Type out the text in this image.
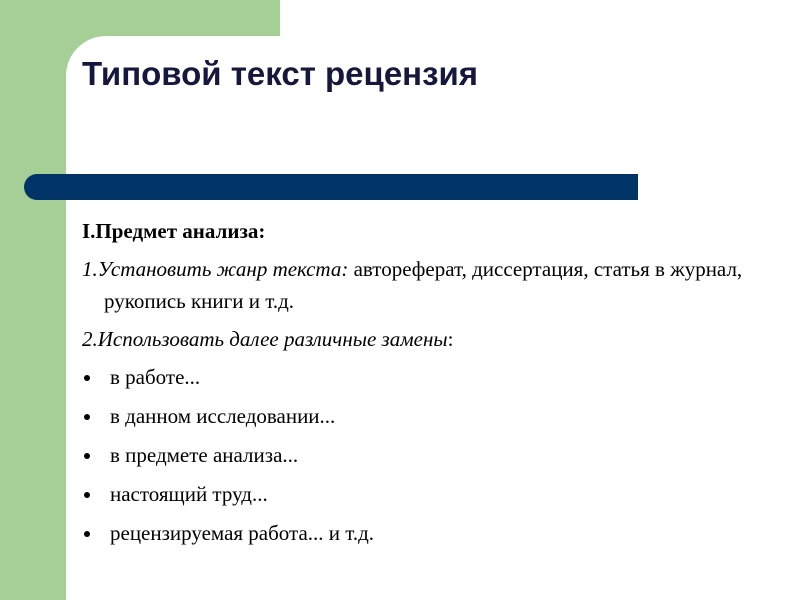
Типовой текст рецензия

I.Предмет анализа:

1.Установить жанр текста: автореферат, диссертация, статья в журнал, рукопись книги и т.д.

2.Использовать далее различные замены:

в работе...
в данном исследовании...
в предмете анализа...
настоящий труд...
рецензируемая работа... и т.д.
